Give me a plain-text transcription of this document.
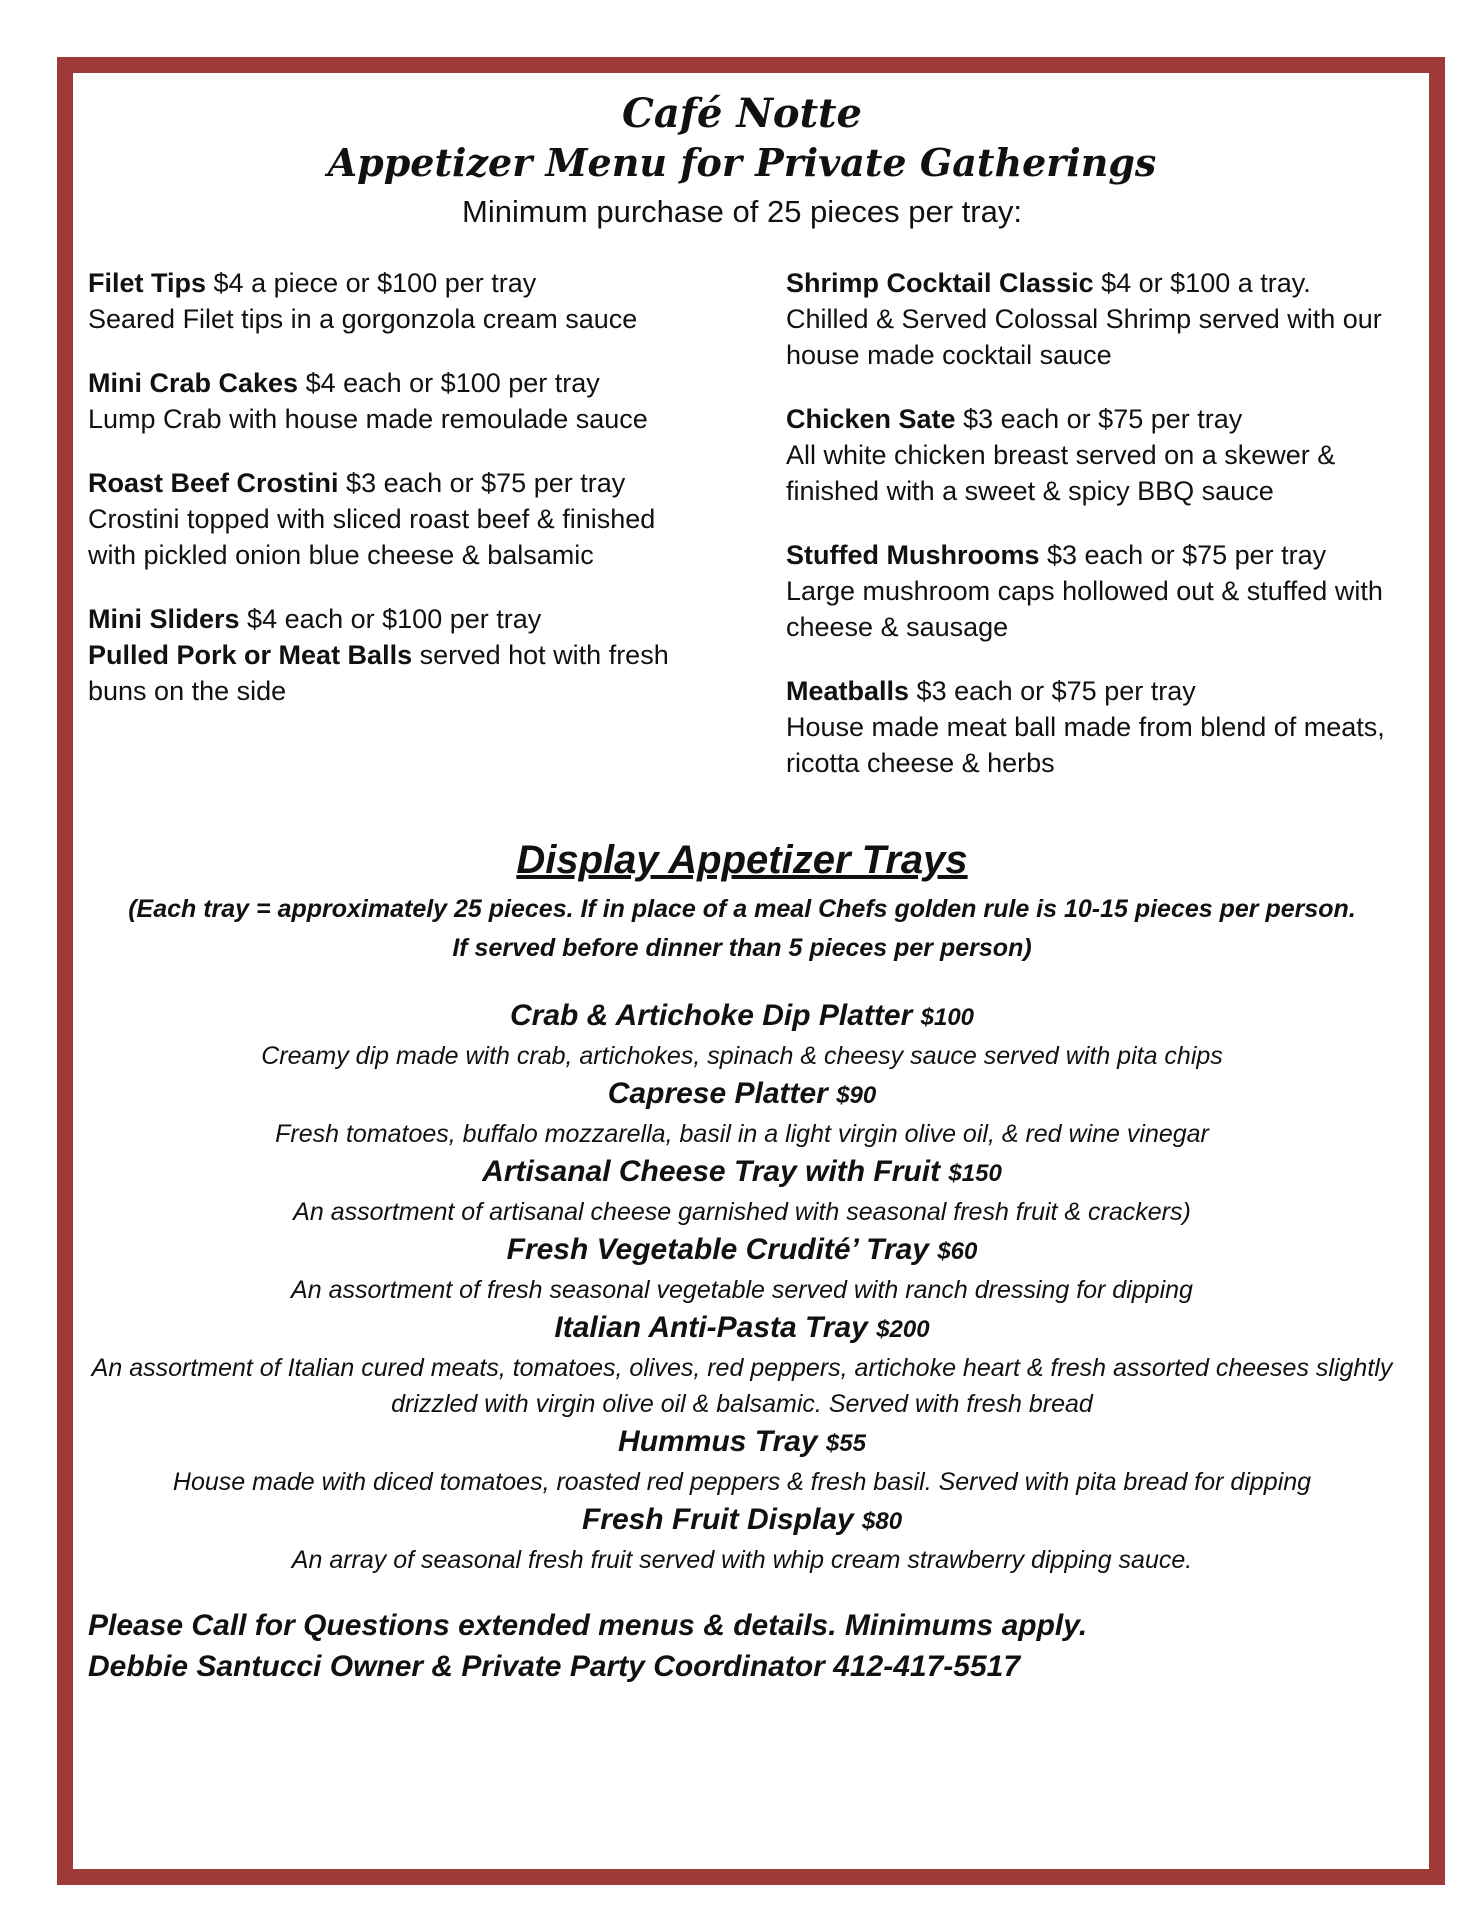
Café Notte
Appetizer Menu for Private Gatherings
Minimum purchase of 25 pieces per tray:
Filet Tips $4 a piece or $100 per tray
Seared Filet tips in a gorgonzola cream sauce
Mini Crab Cakes $4 each or $100 per tray
Lump Crab with house made remoulade sauce
Roast Beef Crostini $3 each or $75 per tray
Crostini topped with sliced roast beef & finished with pickled onion blue cheese & balsamic
Mini Sliders $4 each or $100 per tray
Pulled Pork or Meat Balls served hot with fresh buns on the side
Shrimp Cocktail Classic $4 or $100 a tray.
Chilled & Served Colossal Shrimp served with our house made cocktail sauce
Chicken Sate $3 each or $75 per tray
All white chicken breast served on a skewer & finished with a sweet & spicy BBQ sauce
Stuffed Mushrooms $3 each or $75 per tray
Large mushroom caps hollowed out & stuffed with cheese & sausage
Meatballs $3 each or $75 per tray
House made meat ball made from blend of meats, ricotta cheese & herbs
Display Appetizer Trays
(Each tray = approximately 25 pieces. If in place of a meal Chefs golden rule is 10-15 pieces per person.
If served before dinner than 5 pieces per person)
Crab & Artichoke Dip Platter $100
Creamy dip made with crab, artichokes, spinach & cheesy sauce served with pita chips
Caprese Platter $90
Fresh tomatoes, buffalo mozzarella, basil in a light virgin olive oil, & red wine vinegar
Artisanal Cheese Tray with Fruit $150
An assortment of artisanal cheese garnished with seasonal fresh fruit & crackers)
Fresh Vegetable Crudité’ Tray $60
An assortment of fresh seasonal vegetable served with ranch dressing for dipping
Italian Anti-Pasta Tray $200
An assortment of Italian cured meats, tomatoes, olives, red peppers, artichoke heart & fresh assorted cheeses slightly drizzled with virgin olive oil & balsamic. Served with fresh bread
Hummus Tray $55
House made with diced tomatoes, roasted red peppers & fresh basil. Served with pita bread for dipping
Fresh Fruit Display $80
An array of seasonal fresh fruit served with whip cream strawberry dipping sauce.
Please Call for Questions extended menus & details. Minimums apply.
Debbie Santucci Owner & Private Party Coordinator 412-417-5517
